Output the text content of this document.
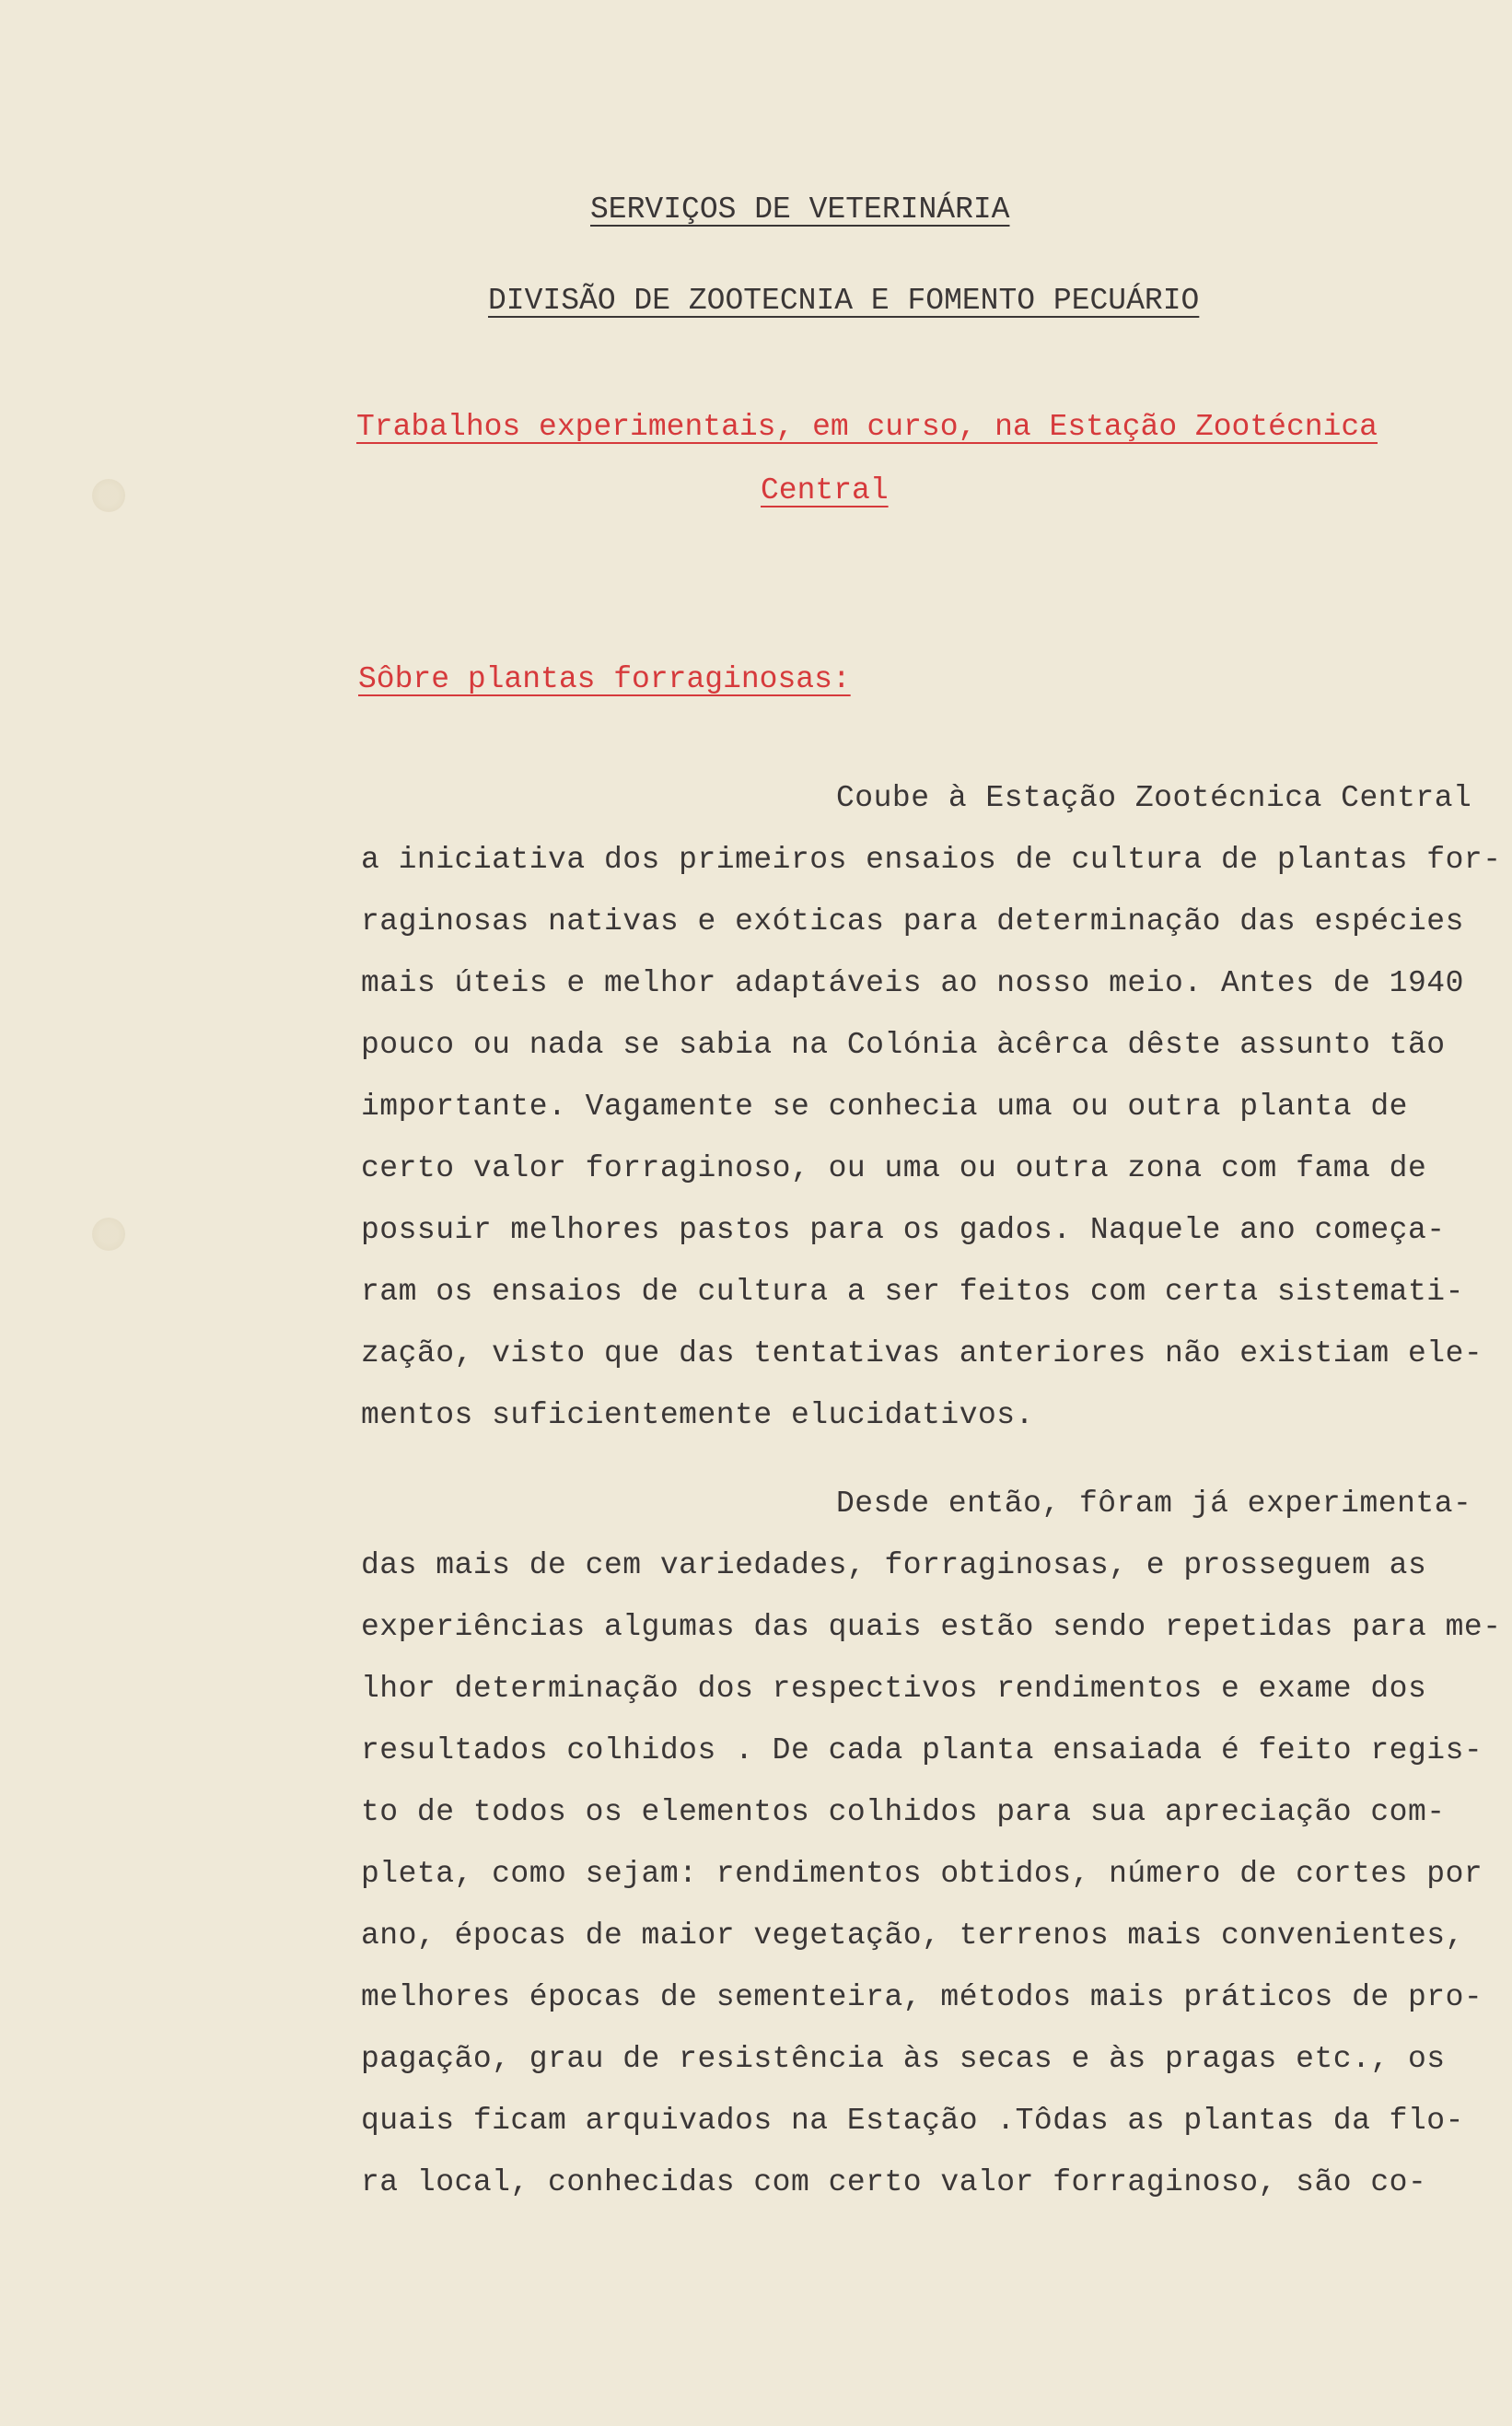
SERVIÇOS DE VETERINÁRIA
DIVISÃO DE ZOOTECNIA E FOMENTO PECUÁRIO
Trabalhos experimentais, em curso, na Estação Zootécnica
Central
Sôbre plantas forraginosas:
Coube à Estação Zootécnica Central
a iniciativa dos primeiros ensaios de cultura de plantas for-
raginosas nativas e exóticas para determinação das espécies
mais úteis e melhor adaptáveis ao nosso meio. Antes de 1940
pouco ou nada se sabia na Colónia àcêrca dêste assunto tão
importante. Vagamente se conhecia uma ou outra planta de
certo valor forraginoso, ou uma ou outra zona com fama de
possuir melhores pastos para os gados. Naquele ano começa-
ram os ensaios de cultura a ser feitos com certa sistemati-
zação, visto que das tentativas anteriores não existiam ele-
mentos suficientemente elucidativos.
Desde então, fôram já experimenta-
das mais de cem variedades, forraginosas, e prosseguem as
experiências algumas das quais estão sendo repetidas para me-
lhor determinação dos respectivos rendimentos e exame dos
resultados colhidos . De cada planta ensaiada é feito regis-
to de todos os elementos colhidos para sua apreciação com-
pleta, como sejam: rendimentos obtidos, número de cortes por
ano, épocas de maior vegetação, terrenos mais convenientes,
melhores épocas de sementeira, métodos mais práticos de pro-
pagação, grau de resistência às secas e às pragas etc., os
quais ficam arquivados na Estação .Tôdas as plantas da flo-
ra local, conhecidas com certo valor forraginoso, são co-
